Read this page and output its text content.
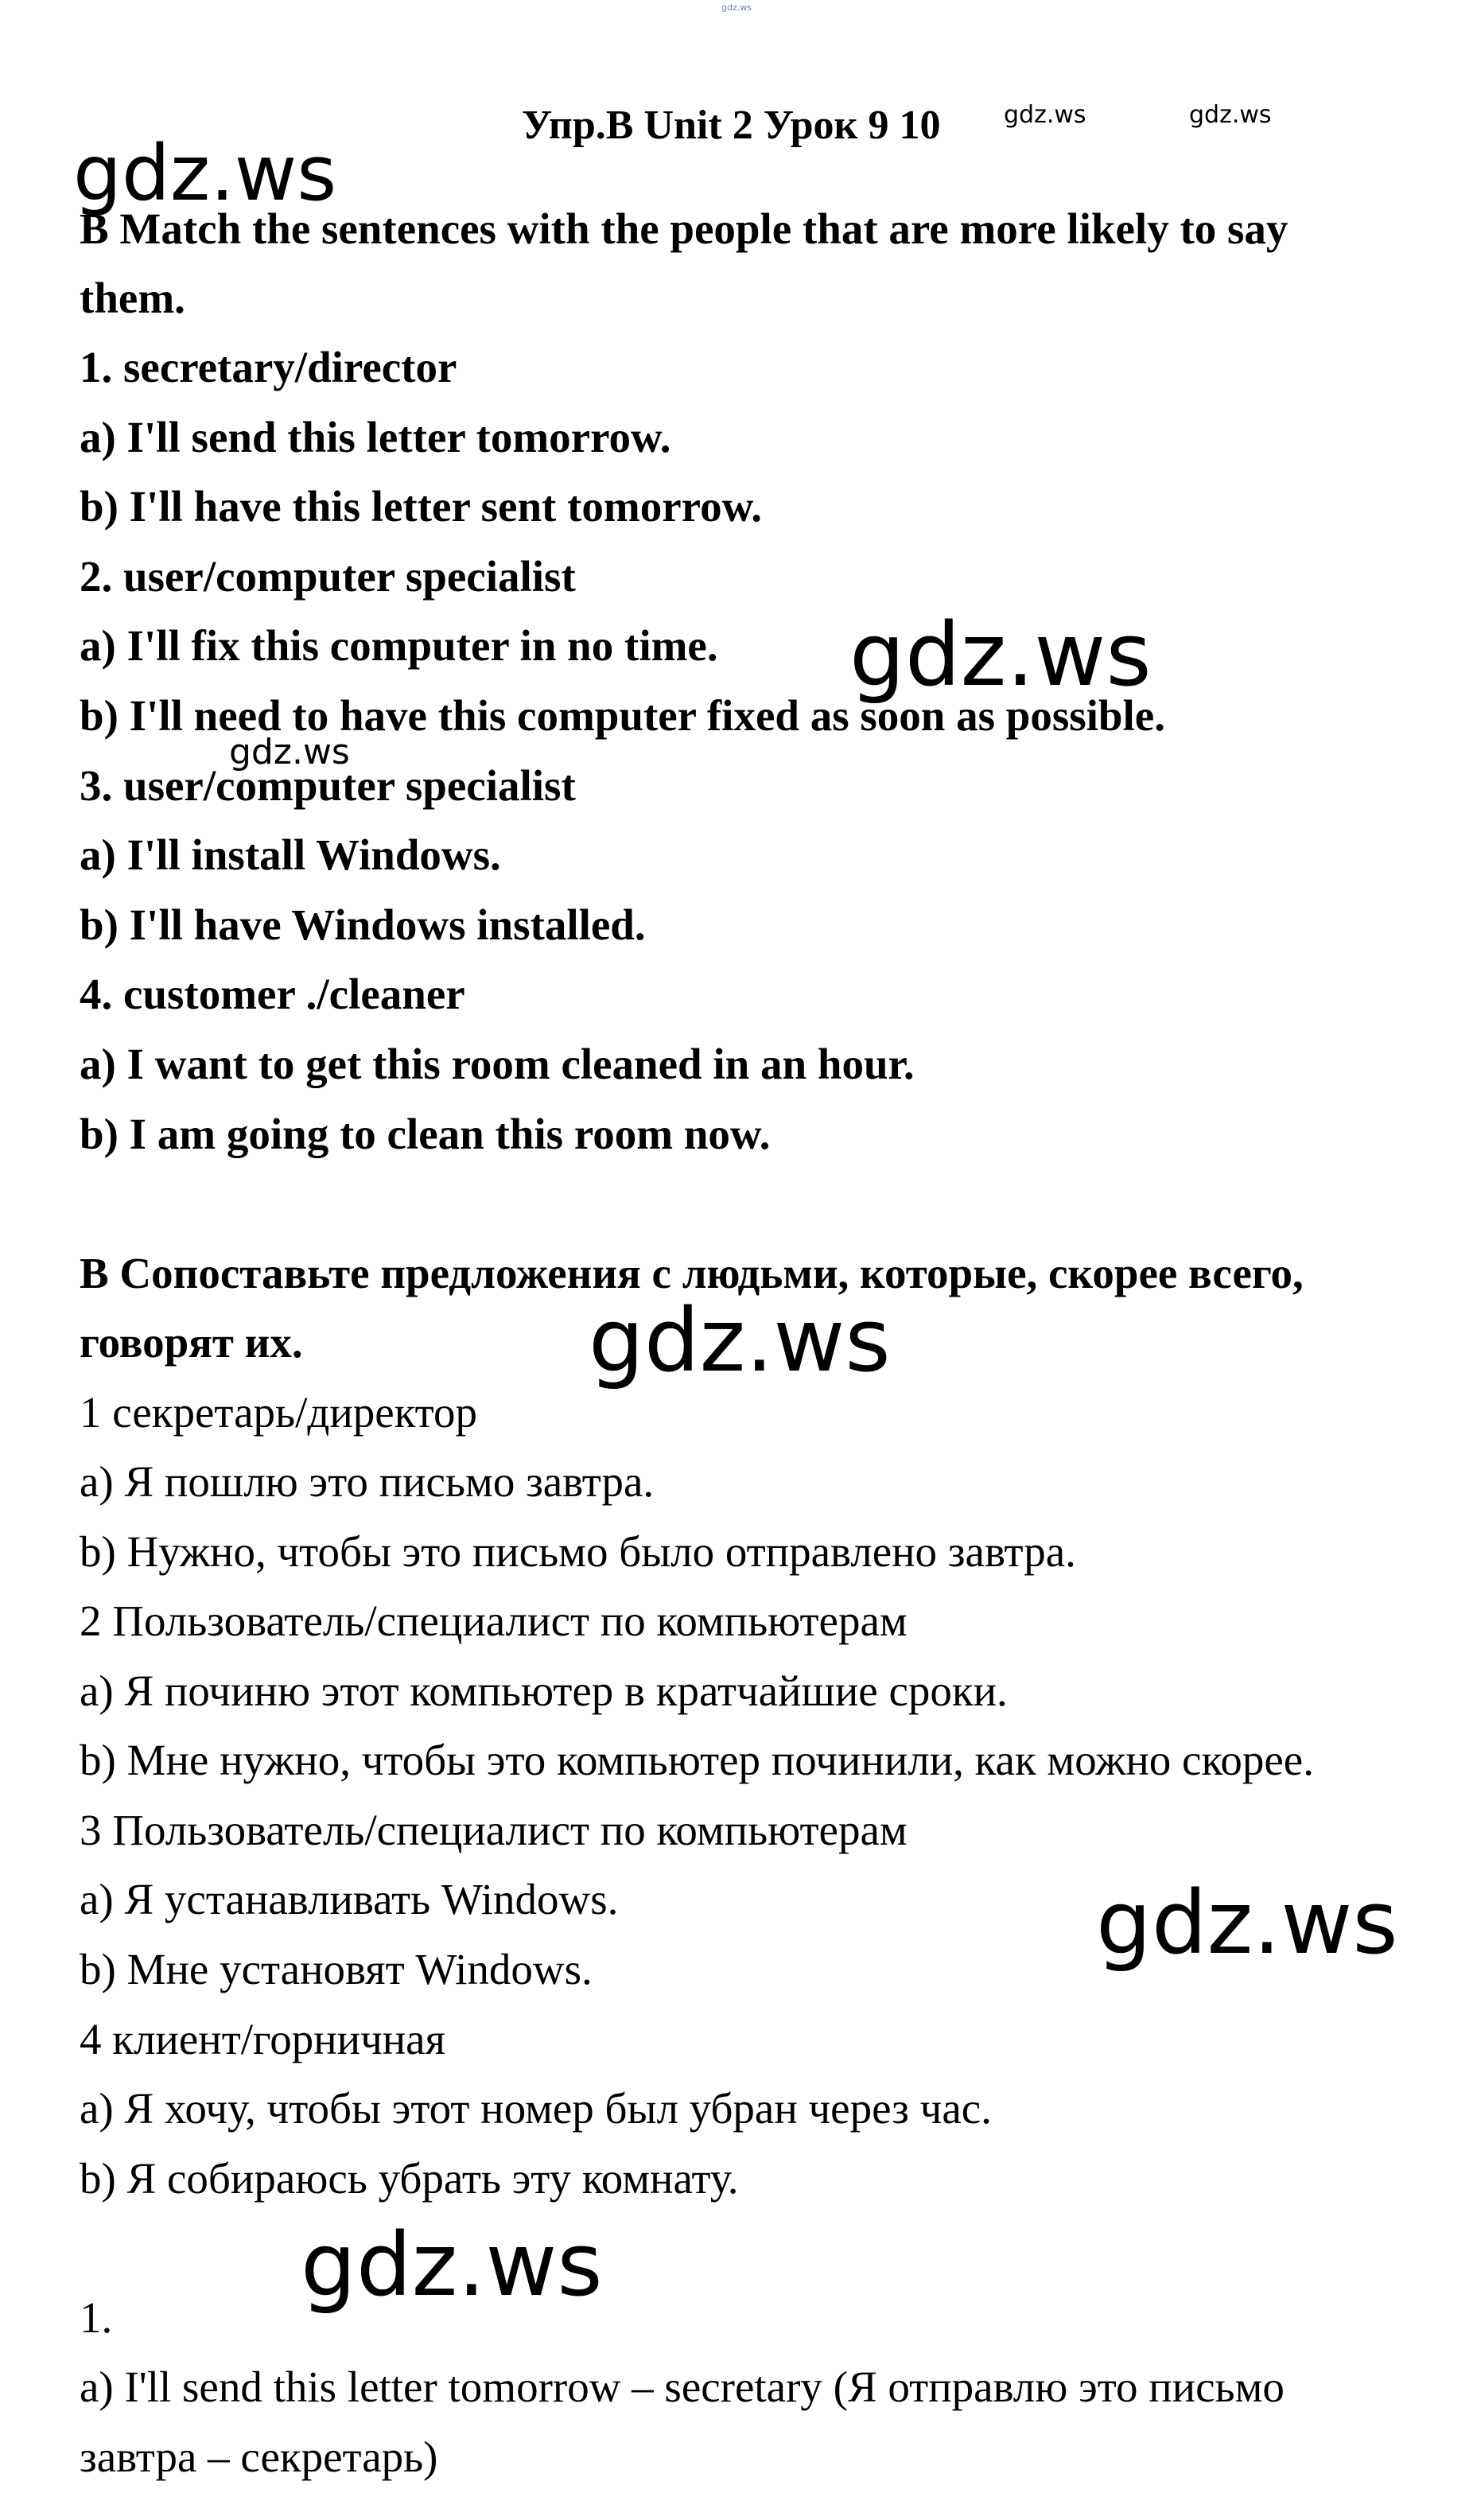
gdz.ws
gdz.ws	gdz.ws
gdz.ws
gdz.ws
gdz.ws
gdz.ws
gdz.ws
gdz.ws
Упр.B Unit 2 Урок 9 10
B Match the sentences with the people that are more likely to say
them.
1. secretary/director
a) I'll send this letter tomorrow.
b) I'll have this letter sent tomorrow.
2. user/computer specialist
a) I'll fix this computer in no time.
b) I'll need to have this computer fixed as soon as possible.
3. user/computer specialist
a) I'll install Windows.
b) I'll have Windows installed.
4. customer ./cleaner
a) I want to get this room cleaned in an hour.
b) I am going to clean this room now.
B Сопоставьте предложения с людьми, которые, скорее всего,
говорят их.
1 секретарь/директор
a) Я пошлю это письмо завтра.
b) Нужно, чтобы это письмо было отправлено завтра.
2 Пользователь/специалист по компьютерам
a) Я починю этот компьютер в кратчайшие сроки.
b) Мне нужно, чтобы это компьютер починили, как можно скорее.
3 Пользователь/специалист по компьютерам
a) Я устанавливать Windows.
b) Мне установят Windows.
4 клиент/горничная
a) Я хочу, чтобы этот номер был убран через час.
b) Я собираюсь убрать эту комнату.
1.
a) I'll send this letter tomorrow – secretary (Я отправлю это письмо
завтра – секретарь)
